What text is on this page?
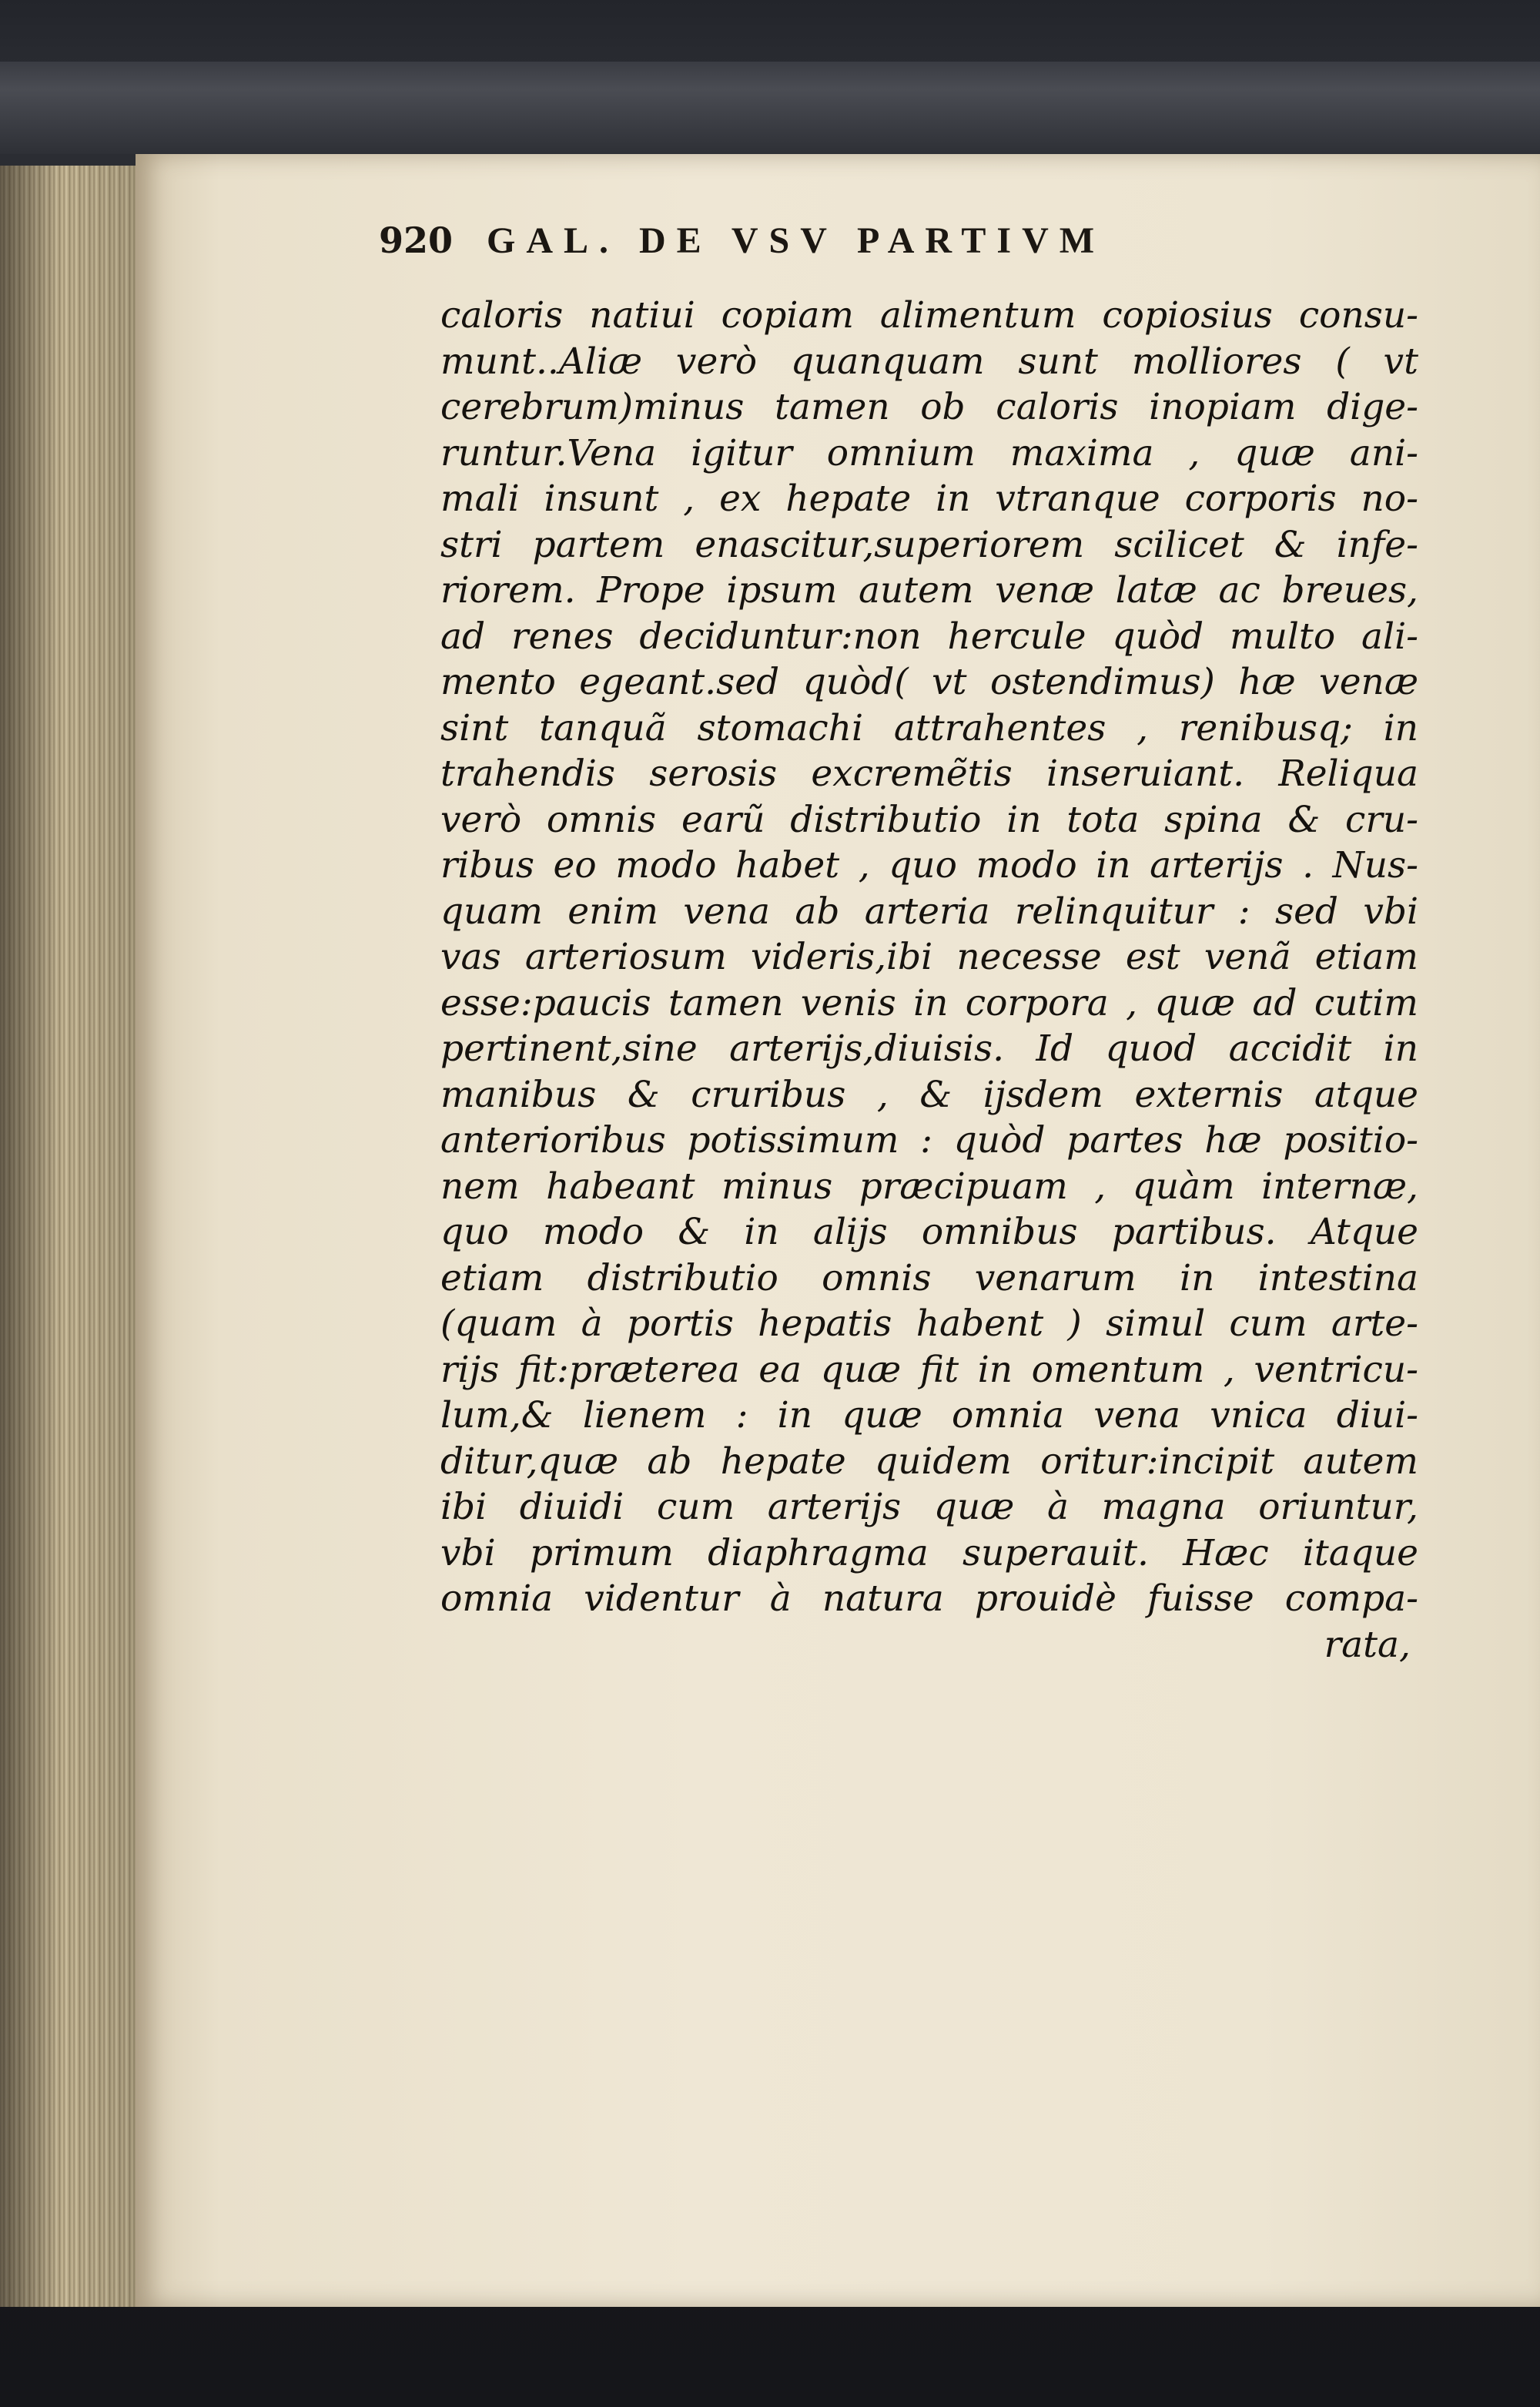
920 GAL. DE VSV PARTIVM
caloris natiui copiam alimentum copiosius consu-
munt..Aliæ verò quanquam sunt molliores ( vt
cerebrum)minus tamen ob caloris inopiam dige-
runtur.Vena igitur omnium maxima , quæ ani-
mali insunt , ex hepate in vtranque corporis no-
stri partem enascitur,superiorem scilicet & infe-
riorem. Prope ipsum autem venæ latæ ac breues,
ad renes deciduntur:non hercule quòd multo ali-
mento egeant.sed quòd( vt ostendimus) hæ venæ
sint tanquã stomachi attrahentes , renibusq; in
trahendis serosis excremẽtis inseruiant. Reliqua
verò omnis earũ distributio in tota spina & cru-
ribus eo modo habet , quo modo in arterijs . Nus-
quam enim vena ab arteria relinquitur : sed vbi
vas arteriosum videris,ibi necesse est venã etiam
esse:paucis tamen venis in corpora , quæ ad cutim
pertinent,sine arterijs,diuisis. Id quod accidit in
manibus & cruribus , & ijsdem externis atque
anterioribus potissimum : quòd partes hæ positio-
nem habeant minus præcipuam , quàm internæ,
quo modo & in alijs omnibus partibus. Atque
etiam distributio omnis venarum in intestina
(quam à portis hepatis habent ) simul cum arte-
rijs fit:præterea ea quæ fit in omentum , ventricu-
lum,& lienem : in quæ omnia vena vnica diui-
ditur,quæ ab hepate quidem oritur:incipit autem
ibi diuidi cum arterijs quæ à magna oriuntur,
vbi primum diaphragma superauit. Hæc itaque
omnia videntur à natura prouidè fuisse compa-
rata,
